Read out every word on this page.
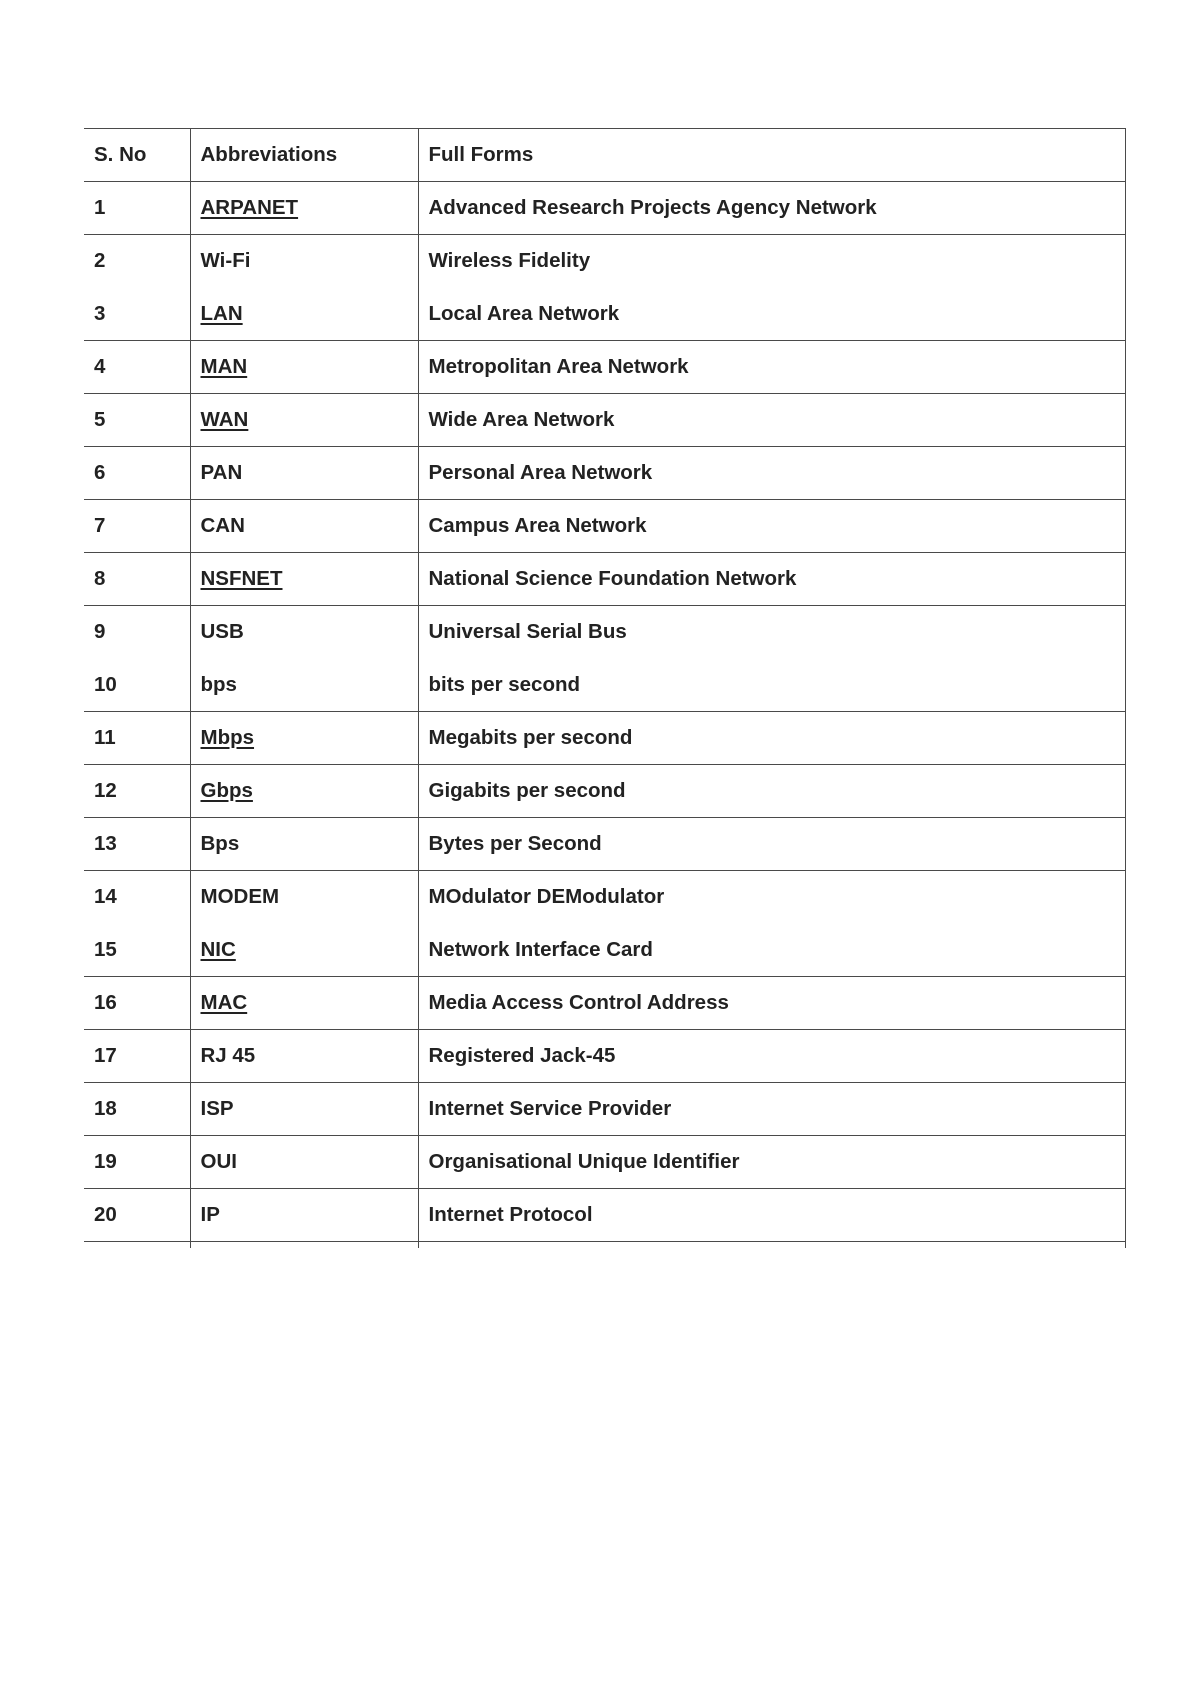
S. No	Abbreviations	Full Forms
1	ARPANET	Advanced Research Projects Agency Network
2	Wi-Fi	Wireless Fidelity
3	LAN	Local Area Network
4	MAN	Metropolitan Area Network
5	WAN	Wide Area Network
6	PAN	Personal Area Network
7	CAN	Campus Area Network
8	NSFNET	National Science Foundation Network
9	USB	Universal Serial Bus
10	bps	bits per second
11	Mbps	Megabits per second
12	Gbps	Gigabits per second
13	Bps	Bytes per Second
14	MODEM	MOdulator DEModulator
15	NIC	Network Interface Card
16	MAC	Media Access Control Address
17	RJ 45	Registered Jack-45
18	ISP	Internet Service Provider
19	OUI	Organisational Unique Identifier
20	IP	Internet Protocol
